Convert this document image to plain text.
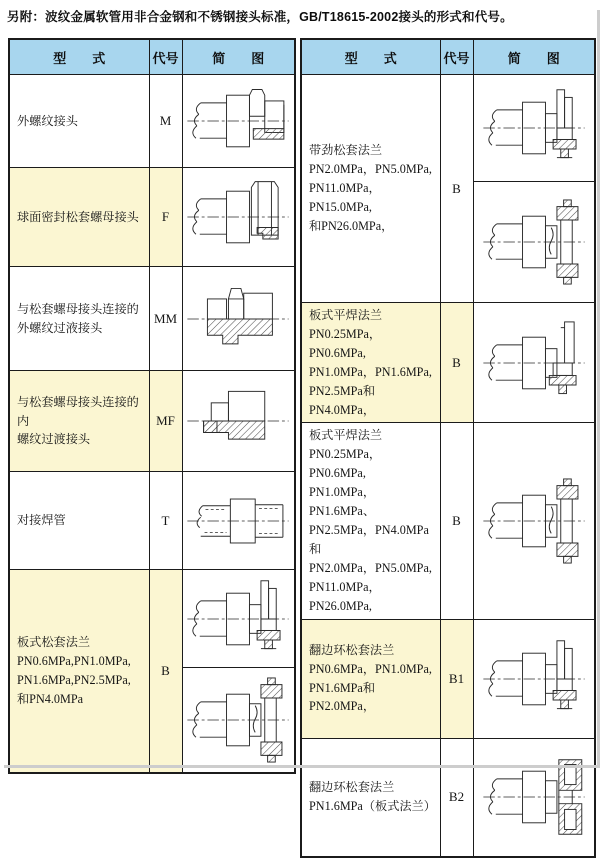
另附：波纹金属软管用非合金钢和不锈钢接头标准，GB/T18615-2002接头的形式和代号。
型　　式	代号	简　　图
外螺纹接头	M	
球面密封松套螺母接头	F	
与松套螺母接头连接的
外螺纹过液接头	MM	
与松套螺母接头连接的内
螺纹过渡接头	MF	
对接焊管	T	
板式松套法兰
PN0.6MPa,PN1.0MPa,
PN1.6MPa,PN2.5MPa,
和PN4.0MPa	B	

型　　式	代号	简　　图
带劲松套法兰
PN2.0MPa，PN5.0MPa,
PN11.0MPa，PN15.0MPa,
和PN26.0MPa，	B	

板式平焊法兰
PN0.25MPa，PN0.6MPa,
PN1.0MPa，PN1.6MPa,
PN2.5MPa和PN4.0MPa，	B	
板式平焊法兰
PN0.25MPa，PN0.6MPa,
PN1.0MPa，PN1.6MPa、
PN2.5MPa，PN4.0MPa和
PN2.0MPa，PN5.0MPa,
PN11.0MPa，PN26.0MPa,	B	
翻边环松套法兰
PN0.6MPa，PN1.0MPa,
PN1.6MPa和PN2.0MPa，	B1	
翻边环松套法兰
PN1.6MPa（板式法兰）	B2	
